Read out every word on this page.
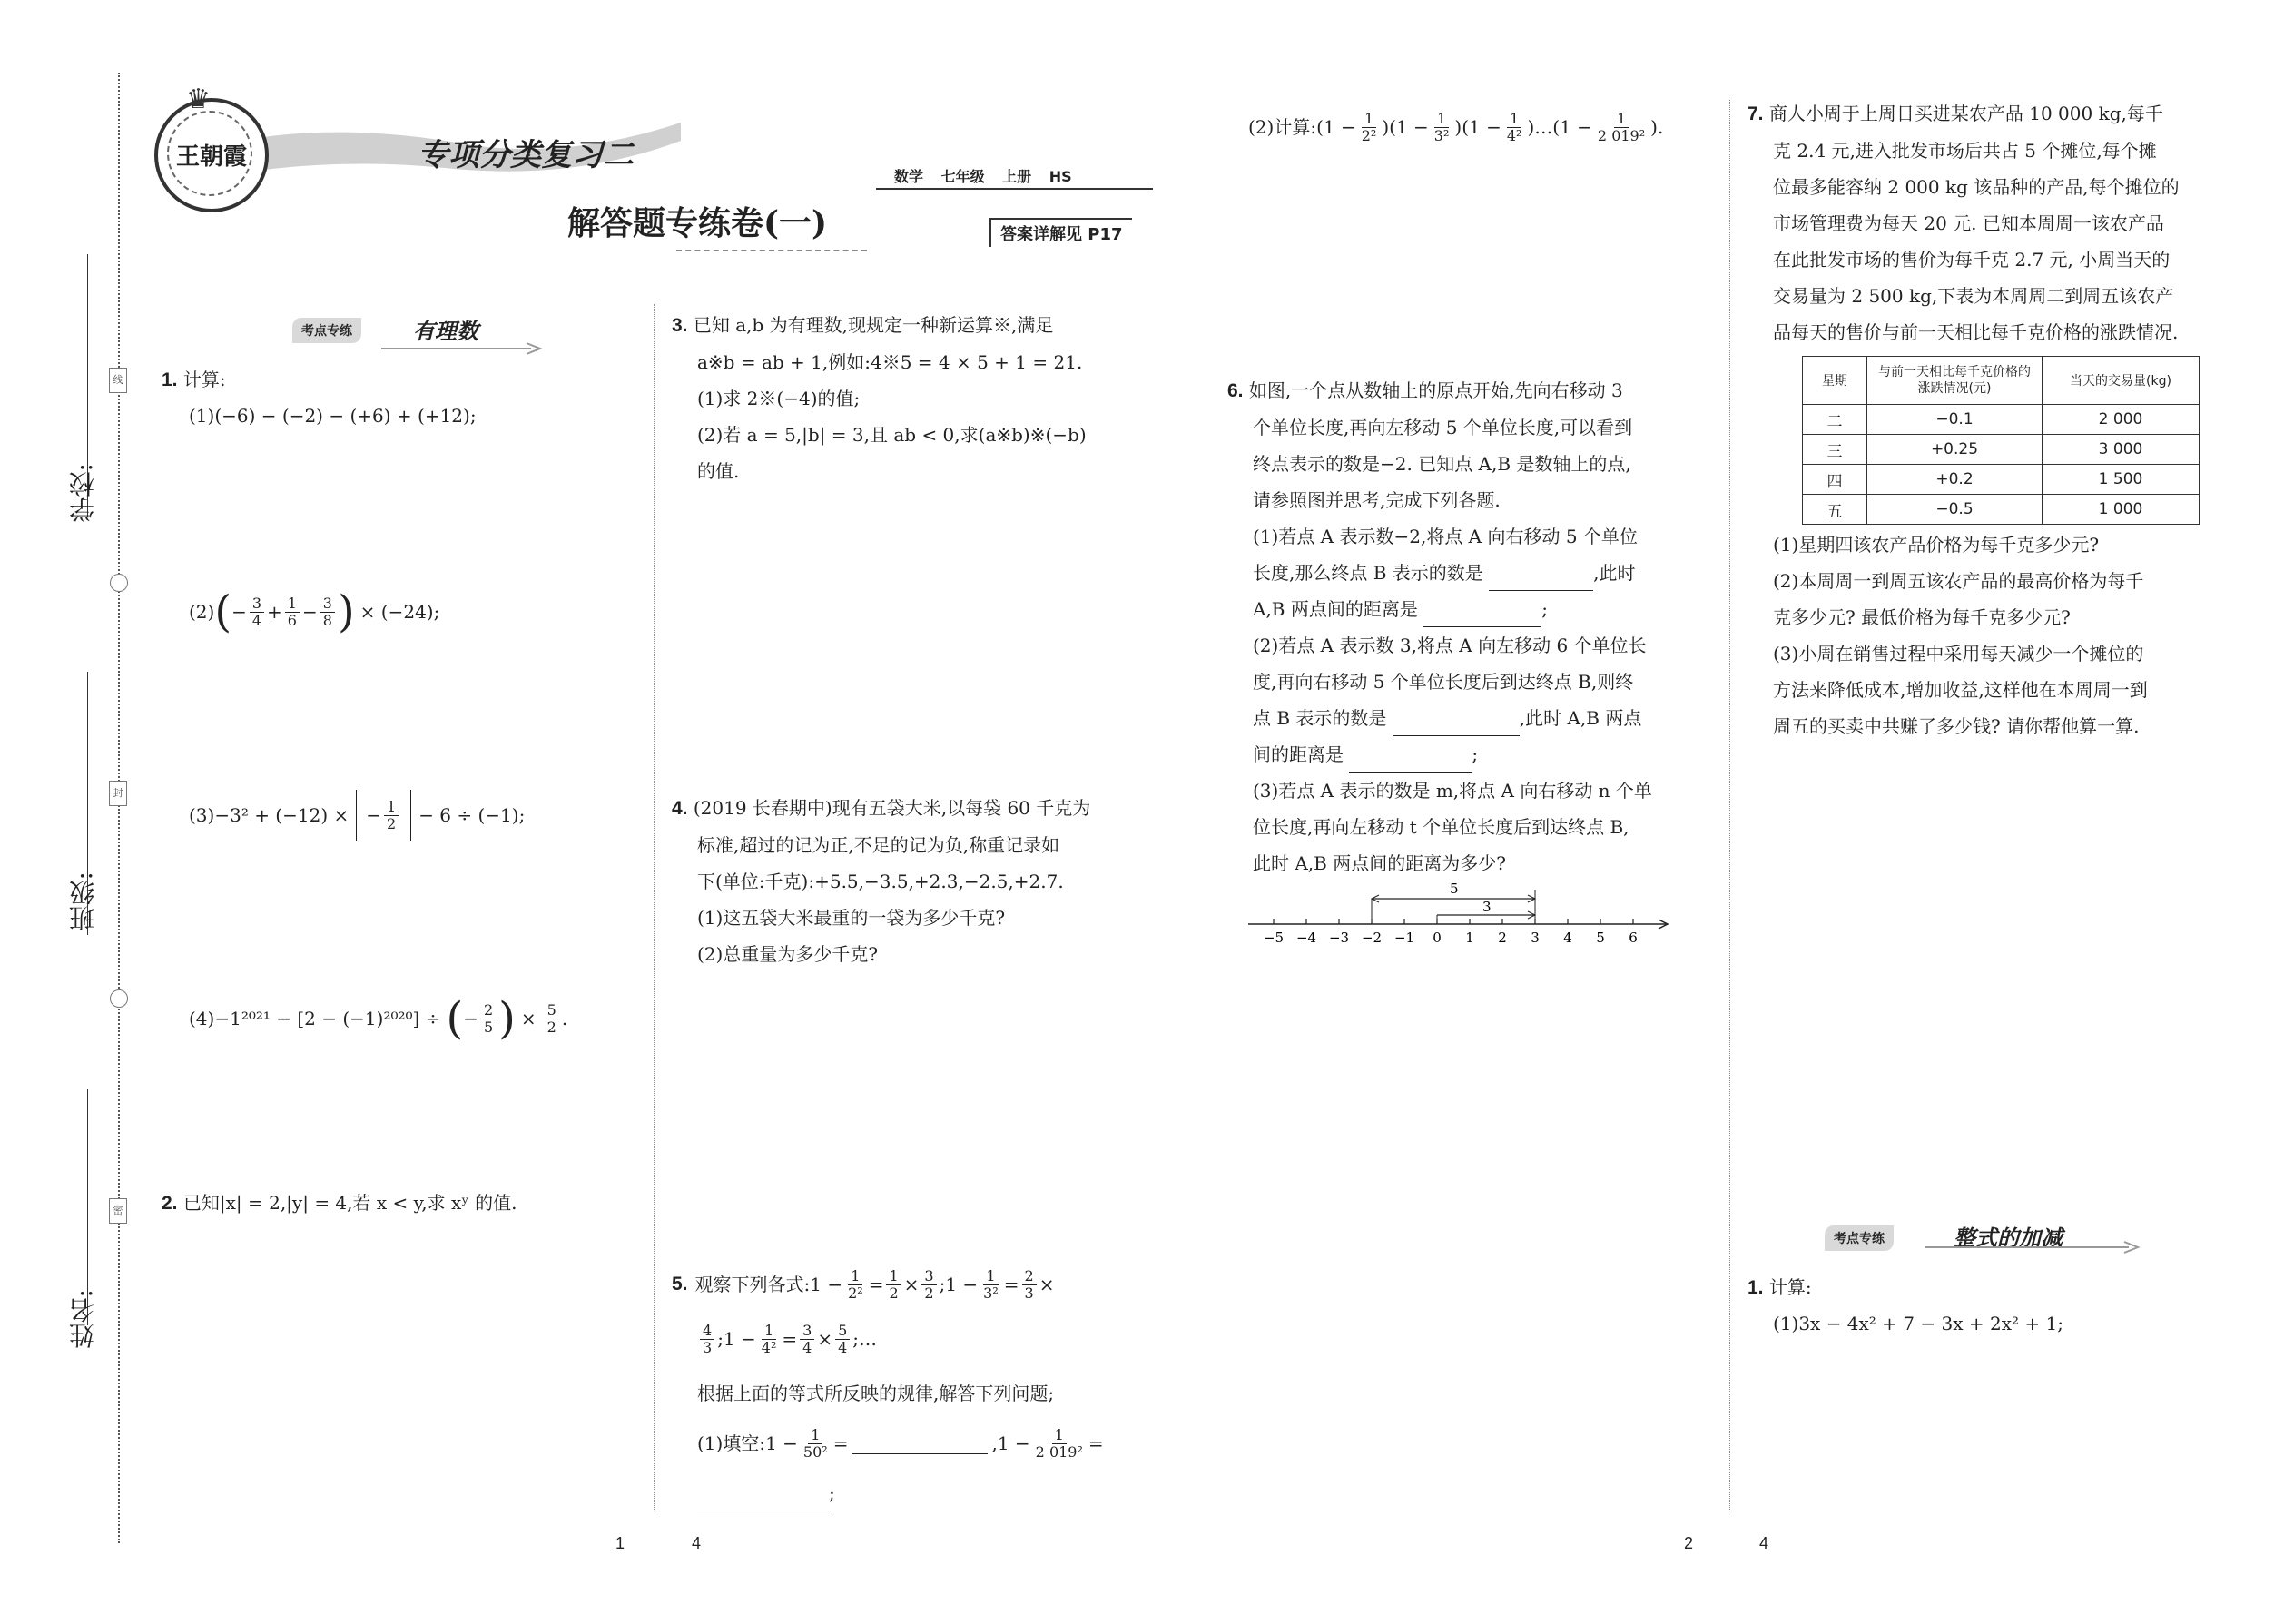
线
封
密
学校:
班级:
姓名:
王朝霞
♛
专项分类复习二
解答题专练卷(一)
数学 七年级 上册 HS
答案详解见 P17
考点专练	有理数
1. 计算:
(1)(−6) − (−2) − (+6) + (+12);
(2) ( − $\frac{3}{4} + \frac{1}{6} - \frac{3}{8}$ ) × (−24);
(3)−3² + (−12) × − $\frac{1}{2} - 6 \div (-1)$;
(4)−1²⁰²¹ − [2 − (−1)²⁰²⁰] ÷ ( − $\frac{2}{5}$ ) × $\frac{5}{2}$ .
2. 已知|x| = 2,|y| = 4,若 x < y,求 xʸ 的值.
3. 已知 a,b 为有理数,现规定一种新运算※,满足
a※b = ab + 1,例如:4※5 = 4 × 5 + 1 = 21.
(1)求 2※(−4)的值;
(2)若 a = 5,|b| = 3,且 ab < 0,求(a※b)※(−b)
的值.
4. (2019 长春期中)现有五袋大米,以每袋 60 千克为
标准,超过的记为正,不足的记为负,称重记录如
下(单位:千克):+5.5,−3.5,+2.3,−2.5,+2.7.
(1)这五袋大米最重的一袋为多少千克?
(2)总重量为多少千克?
5. 观察下列各式:1 − $\frac{1}{\text{2²}} = \frac{1}{2} \times \frac{3}{2}$ ;1 − $\frac{1}{\text{3²}} = \frac{2}{3}$ ×
$\frac{4}{3}$ ;1 − $\frac{1}{\text{4²}} = \frac{3}{4} \times \frac{5}{4}$ ;…
根据上面的等式所反映的规律,解答下列问题;
(1)填空:1 − $\frac{1}{\text{50²}}$ =	$,1 - \frac{1}{\text{2 019²}}$ =
;
(2)计算: ($1 - \frac{1}{\text{2²}}$ ) ($1 - \frac{1}{\text{3²}}$ ) ($1 - \frac{1}{\text{4²}}$ ) …(1 − $\frac{1}{\text{2 019²}}$ ).
6. 如图,一个点从数轴上的原点开始,先向右移动 3
个单位长度,再向左移动 5 个单位长度,可以看到
终点表示的数是−2. 已知点 A,B 是数轴上的点,
请参照图并思考,完成下列各题.
(1)若点 A 表示数−2,将点 A 向右移动 5 个单位
长度,那么终点 B 表示的数是	,此时
A,B 两点间的距离是	;
(2)若点 A 表示数 3,将点 A 向左移动 6 个单位长
度,再向右移动 5 个单位长度后到达终点 B,则终
点 B 表示的数是	,此时 A,B 两点
间的距离是	;
(3)若点 A 表示的数是 m,将点 A 向右移动 n 个单
位长度,再向左移动 t 个单位长度后到达终点 B,
此时 A,B 两点间的距离为多少?
5
3
−5 −4 −3 −2 −1 0 1 2 3 4 5 6
7. 商人小周于上周日买进某农产品 10 000 kg,每千
克 2.4 元,进入批发市场后共占 5 个摊位,每个摊
位最多能容纳 2 000 kg 该品种的产品,每个摊位的
市场管理费为每天 20 元. 已知本周周一该农产品
在此批发市场的售价为每千克 2.7 元, 小周当天的
交易量为 2 500 kg,下表为本周周二到周五该农产
品每天的售价与前一天相比每千克价格的涨跌情况.
星期	与前一天相比每千克价格的涨跌情况(元)	当天的交易量(kg)
二	−0.1	2 000
三	+0.25	3 000
四	+0.2	1 500
五	−0.5	1 000
(1)星期四该农产品价格为每千克多少元?
(2)本周周一到周五该农产品的最高价格为每千
克多少元? 最低价格为每千克多少元?
(3)小周在销售过程中采用每天减少一个摊位的
方法来降低成本,增加收益,这样他在本周周一到
周五的买卖中共赚了多少钱? 请你帮他算一算.
考点专练	整式的加减
1. 计算:
(1)3x − 4x² + 7 − 3x + 2x² + 1;
1	4	2	4
